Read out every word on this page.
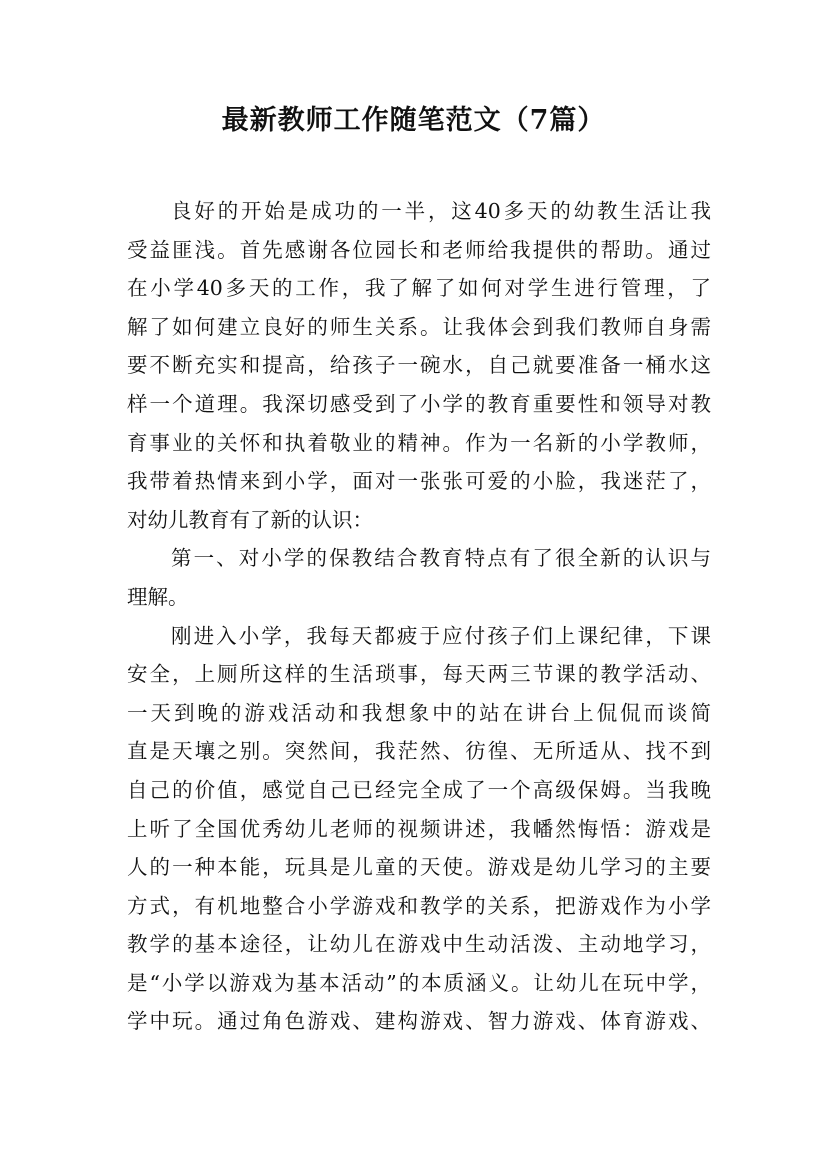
最新教师工作随笔范文（7篇）
良好的开始是成功的一半，这40多天的幼教生活让我
受益匪浅。首先感谢各位园长和老师给我提供的帮助。通过
在小学40多天的工作，我了解了如何对学生进行管理，了
解了如何建立良好的师生关系。让我体会到我们教师自身需
要不断充实和提高，给孩子一碗水，自己就要准备一桶水这
样一个道理。我深切感受到了小学的教育重要性和领导对教
育事业的关怀和执着敬业的精神。作为一名新的小学教师，
我带着热情来到小学，面对一张张可爱的小脸，我迷茫了，
对幼儿教育有了新的认识：
第一、对小学的保教结合教育特点有了很全新的认识与
理解。
刚进入小学，我每天都疲于应付孩子们上课纪律，下课
安全，上厕所这样的生活琐事，每天两三节课的教学活动、
一天到晚的游戏活动和我想象中的站在讲台上侃侃而谈简
直是天壤之别。突然间，我茫然、彷徨、无所适从、找不到
自己的价值，感觉自己已经完全成了一个高级保姆。当我晚
上听了全国优秀幼儿老师的视频讲述，我幡然悔悟：游戏是
人的一种本能，玩具是儿童的天使。游戏是幼儿学习的主要
方式，有机地整合小学游戏和教学的关系，把游戏作为小学
教学的基本途径，让幼儿在游戏中生动活泼、主动地学习，
是“小学以游戏为基本活动”的本质涵义。让幼儿在玩中学，
学中玩。通过角色游戏、建构游戏、智力游戏、体育游戏、
